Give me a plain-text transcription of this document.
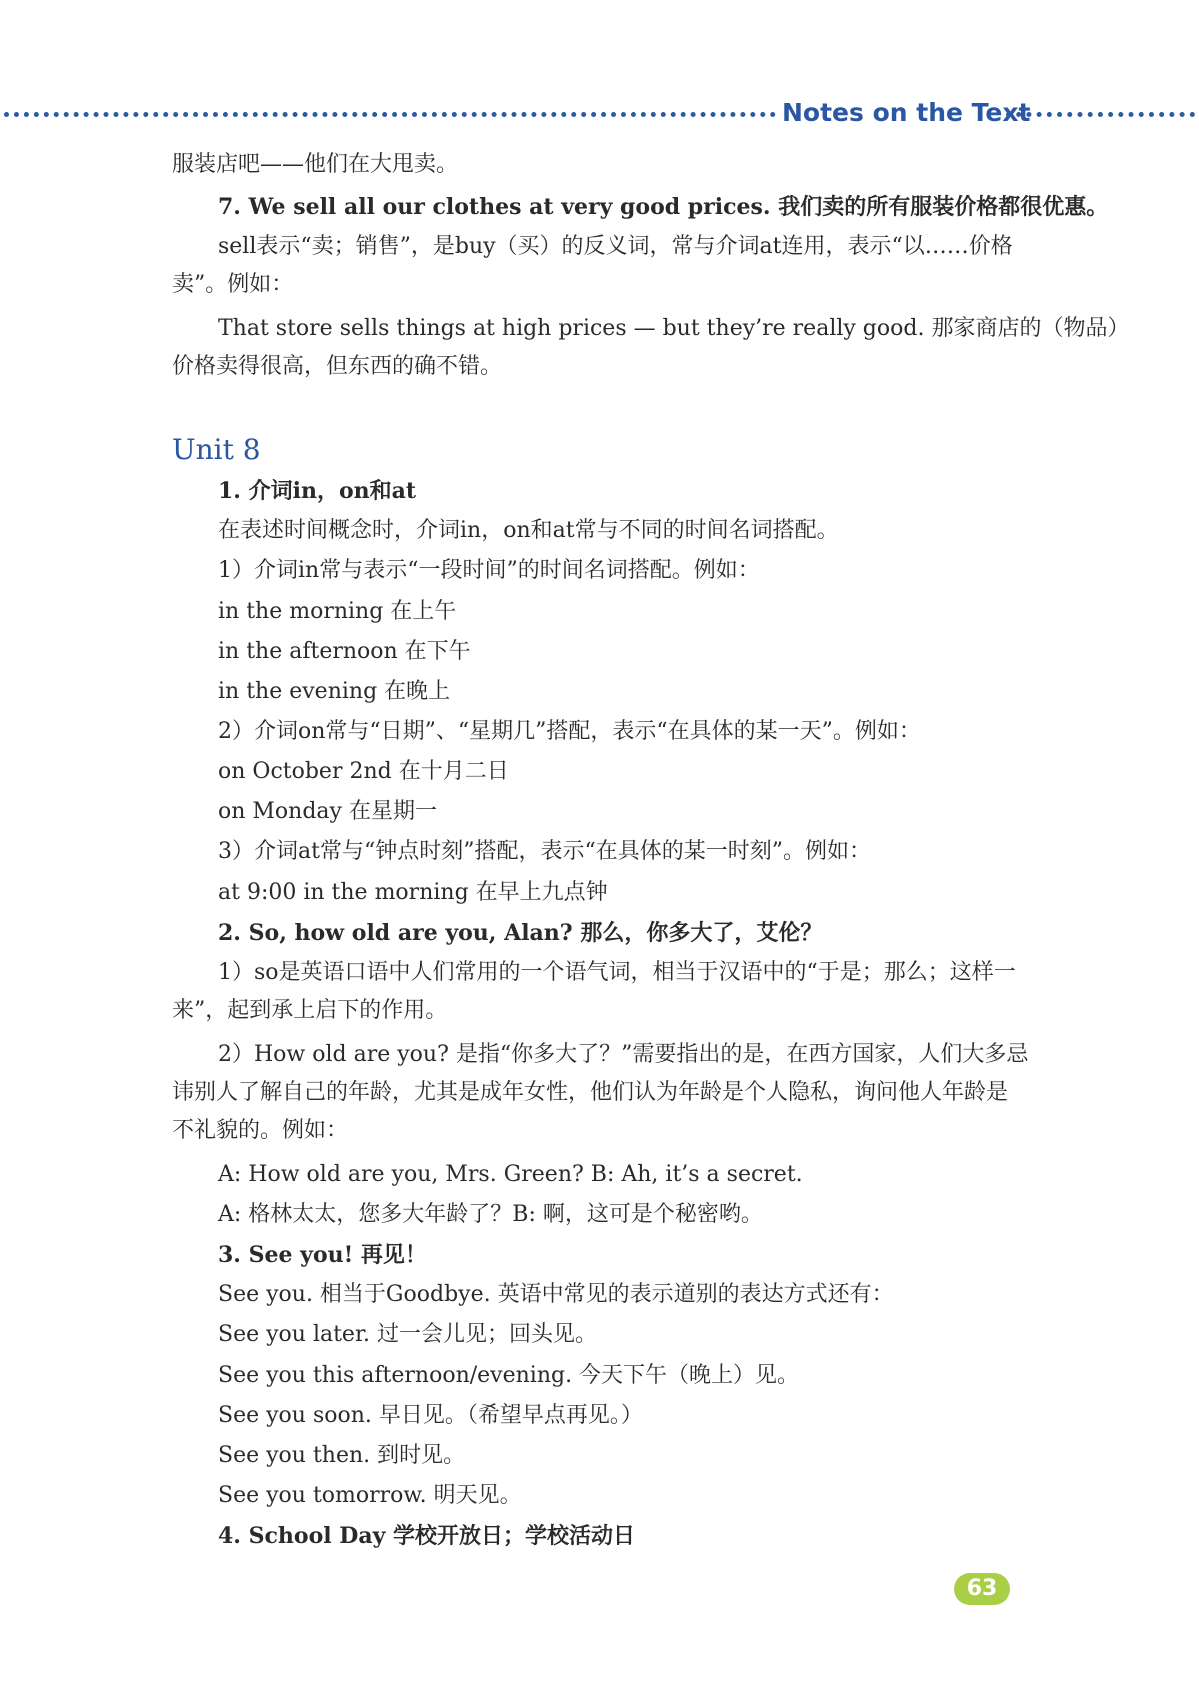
Notes on the Text
服装店吧——他们在大甩卖。
7. We sell all our clothes at very good prices. 我们卖的所有服装价格都很优惠。
sell表示“卖；销售”，是buy（买）的反义词，常与介词at连用，表示“以……价格
卖”。例如：
That store sells things at high prices — but they’re really good. 那家商店的（物品）
价格卖得很高，但东西的确不错。
Unit 8
1. 介词in，on和at
在表述时间概念时，介词in，on和at常与不同的时间名词搭配。
1）介词in常与表示“一段时间”的时间名词搭配。例如：
in the morning 在上午
in the afternoon 在下午
in the evening 在晚上
2）介词on常与“日期”、“星期几”搭配，表示“在具体的某一天”。例如：
on October 2nd 在十月二日
on Monday 在星期一
3）介词at常与“钟点时刻”搭配，表示“在具体的某一时刻”。例如：
at 9:00 in the morning 在早上九点钟
2. So, how old are you, Alan? 那么，你多大了，艾伦？
1）so是英语口语中人们常用的一个语气词，相当于汉语中的“于是；那么；这样一
来”，起到承上启下的作用。
2）How old are you? 是指“你多大了？”需要指出的是，在西方国家，人们大多忌
讳别人了解自己的年龄，尤其是成年女性，他们认为年龄是个人隐私，询问他人年龄是
不礼貌的。例如：
A: How old are you, Mrs. Green? B: Ah, it’s a secret.
A: 格林太太，您多大年龄了？B: 啊，这可是个秘密哟。
3. See you! 再见！
See you. 相当于Goodbye. 英语中常见的表示道别的表达方式还有：
See you later. 过一会儿见；回头见。
See you this afternoon/evening. 今天下午（晚上）见。
See you soon. 早日见。（希望早点再见。）
See you then. 到时见。
See you tomorrow. 明天见。
4. School Day 学校开放日；学校活动日
63
